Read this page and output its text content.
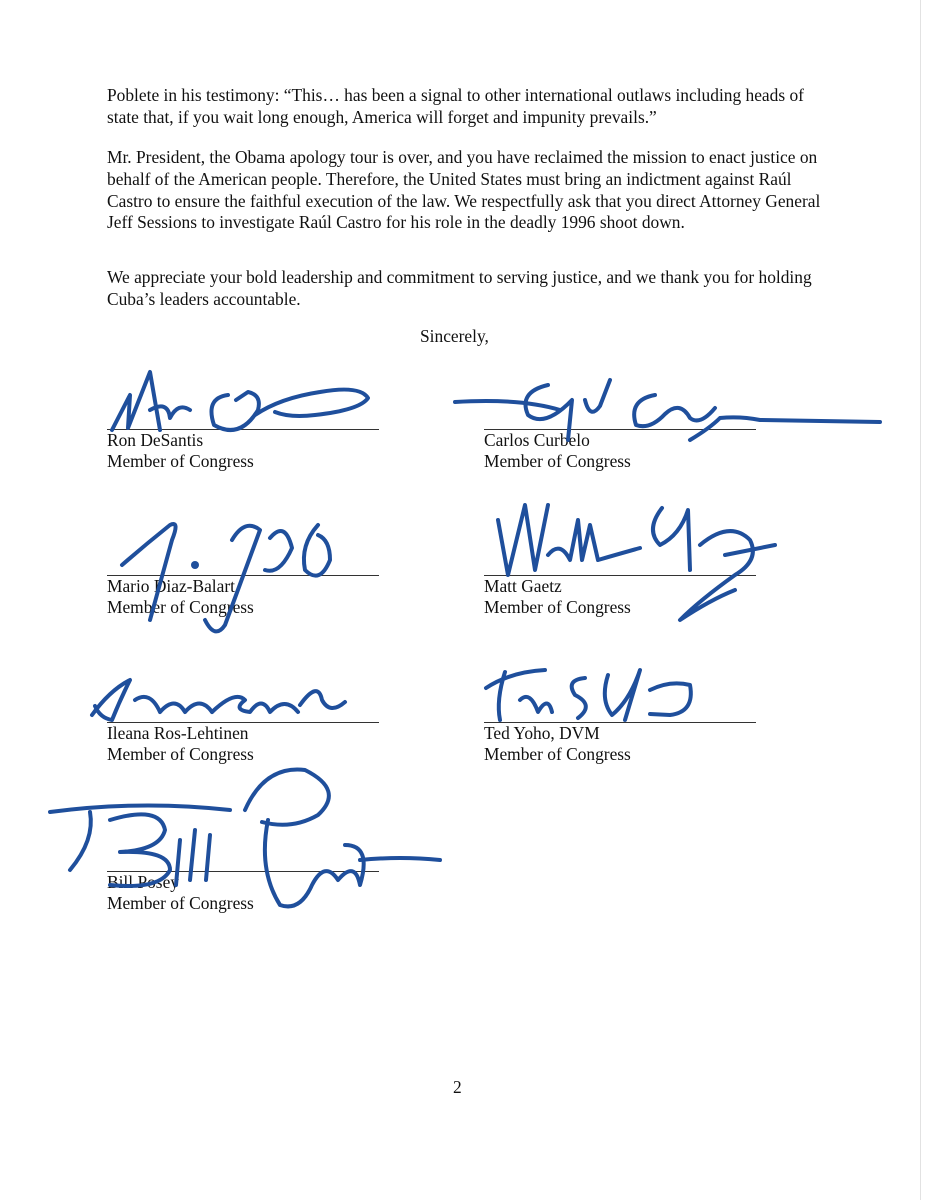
Poblete in his testimony: “This… has been a signal to other international outlaws including heads of state that, if you wait long enough, America will forget and impunity prevails.”

Mr. President, the Obama apology tour is over, and you have reclaimed the mission to enact justice on behalf of the American people. Therefore, the United States must bring an indictment against Raúl Castro to ensure the faithful execution of the law. We respectfully ask that you direct Attorney General Jeff Sessions to investigate Raúl Castro for his role in the deadly 1996 shoot down.

We appreciate your bold leadership and commitment to serving justice, and we thank you for holding Cuba’s leaders accountable.

Sincerely,
Ron DeSantis
Member of Congress
Carlos Curbelo
Member of Congress
Mario Diaz-Balart
Member of Congress
Matt Gaetz
Member of Congress
Ileana Ros-Lehtinen
Member of Congress
Ted Yoho, DVM
Member of Congress
Bill Posey
Member of Congress
2
